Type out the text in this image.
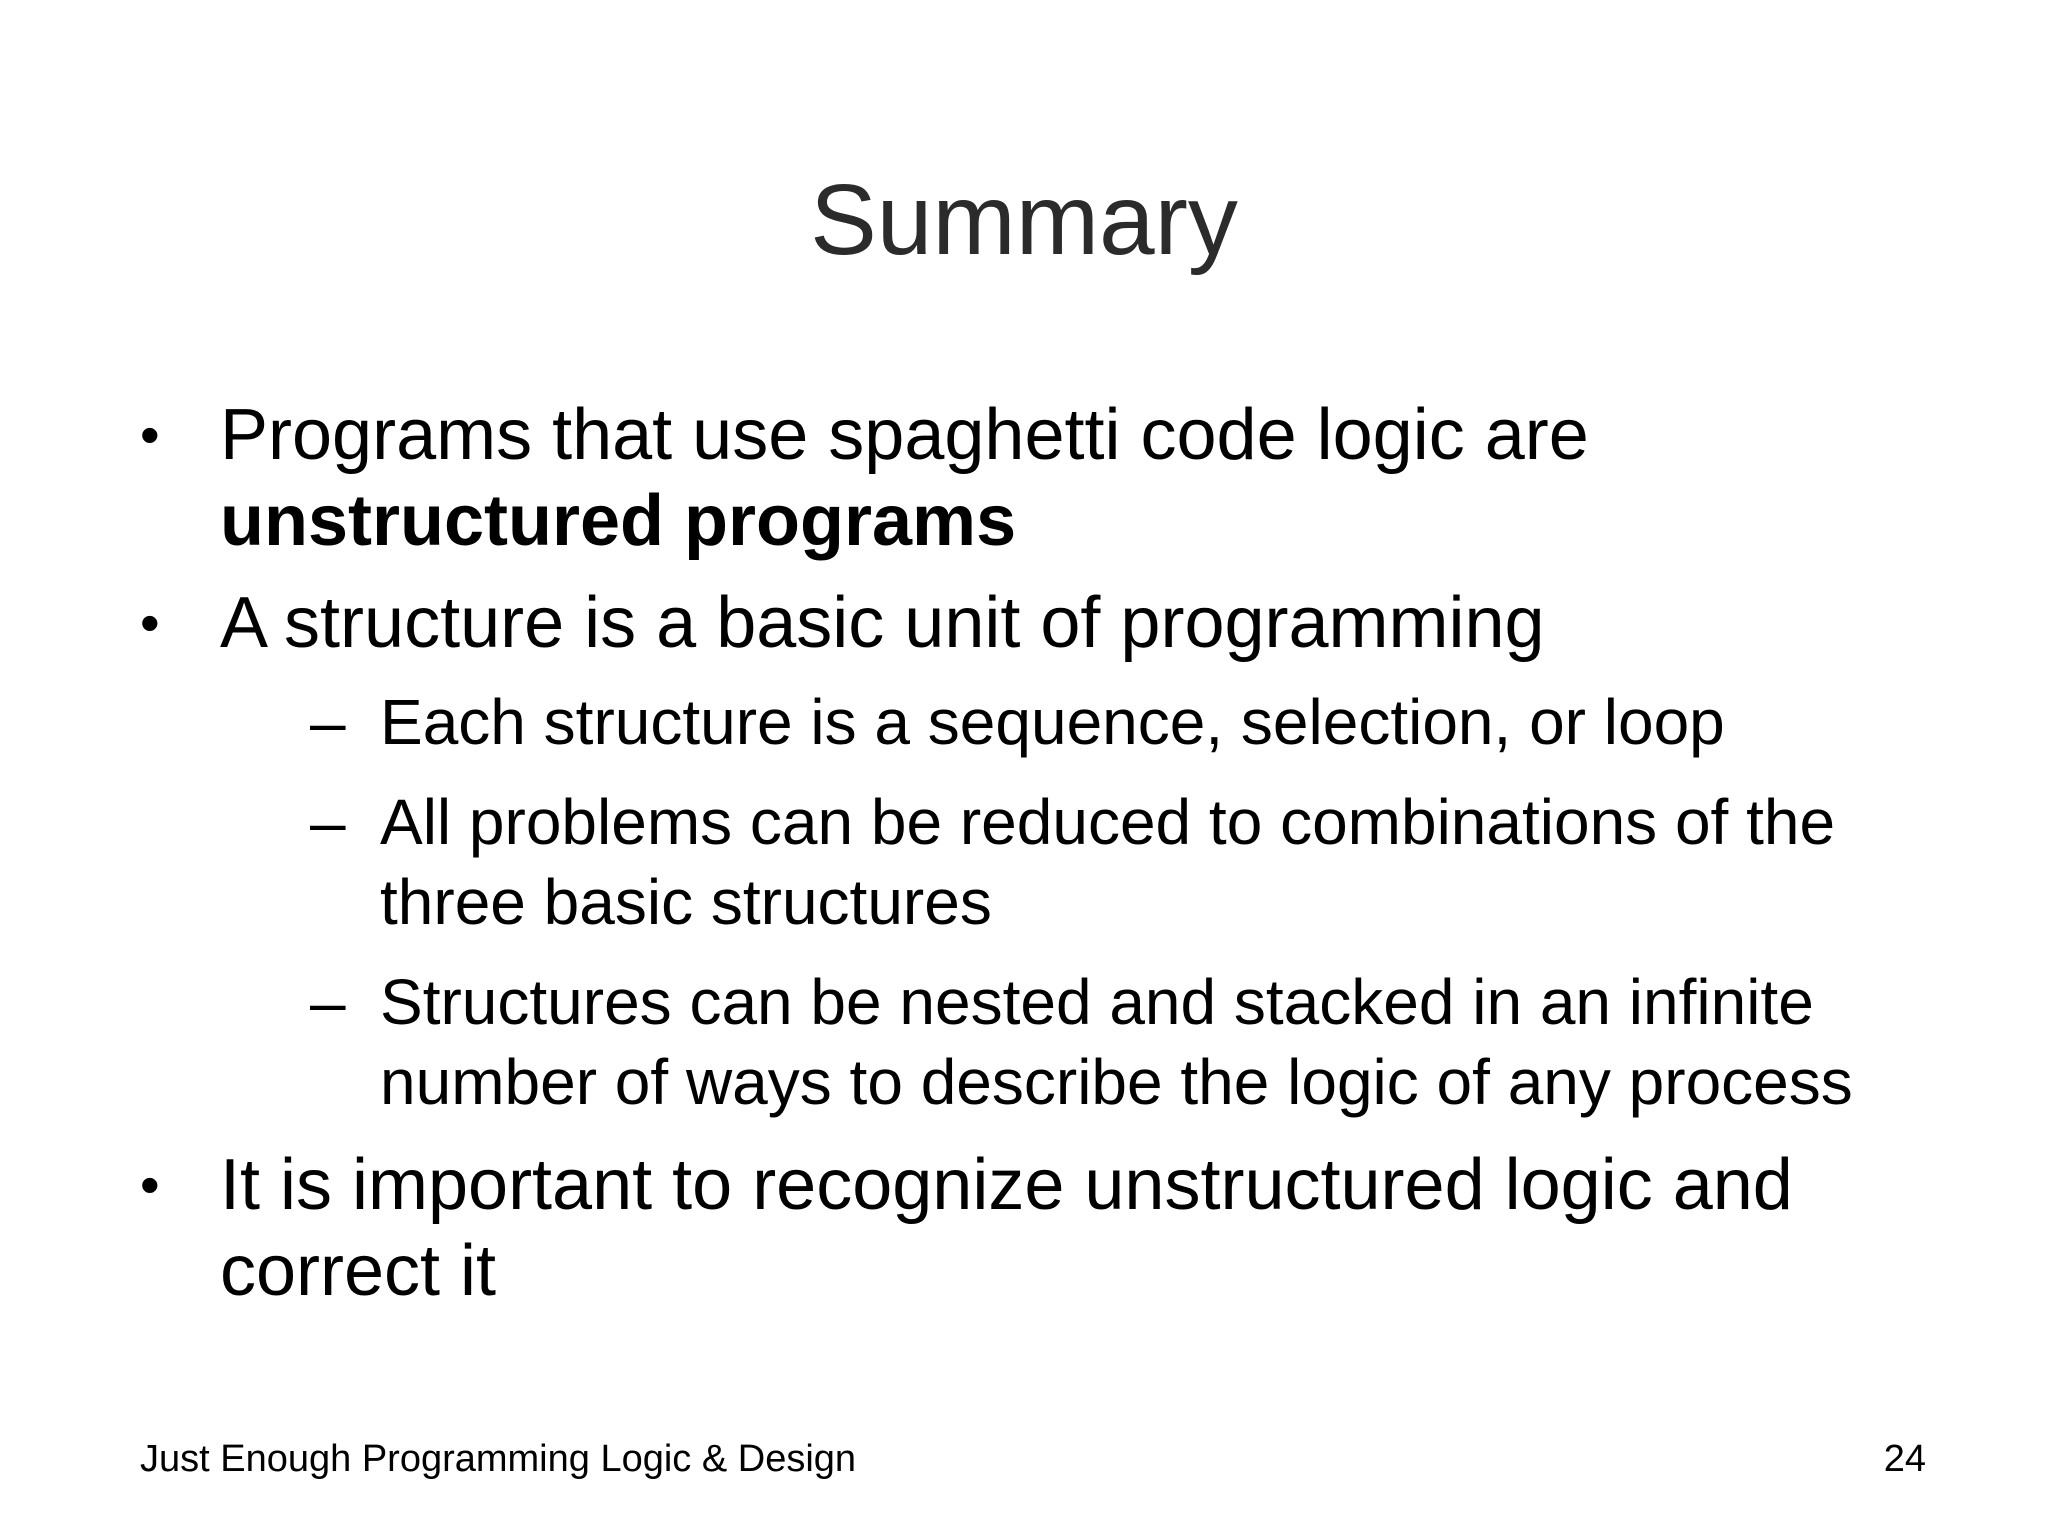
Summary
• Programs that use spaghetti code logic are
unstructured programs
• A structure is a basic unit of programming
– Each structure is a sequence, selection, or loop
– All problems can be reduced to combinations of the three basic structures
– Structures can be nested and stacked in an infinite number of ways to describe the logic of any process
• It is important to recognize unstructured logic and correct it
Just Enough Programming Logic & Design	24
